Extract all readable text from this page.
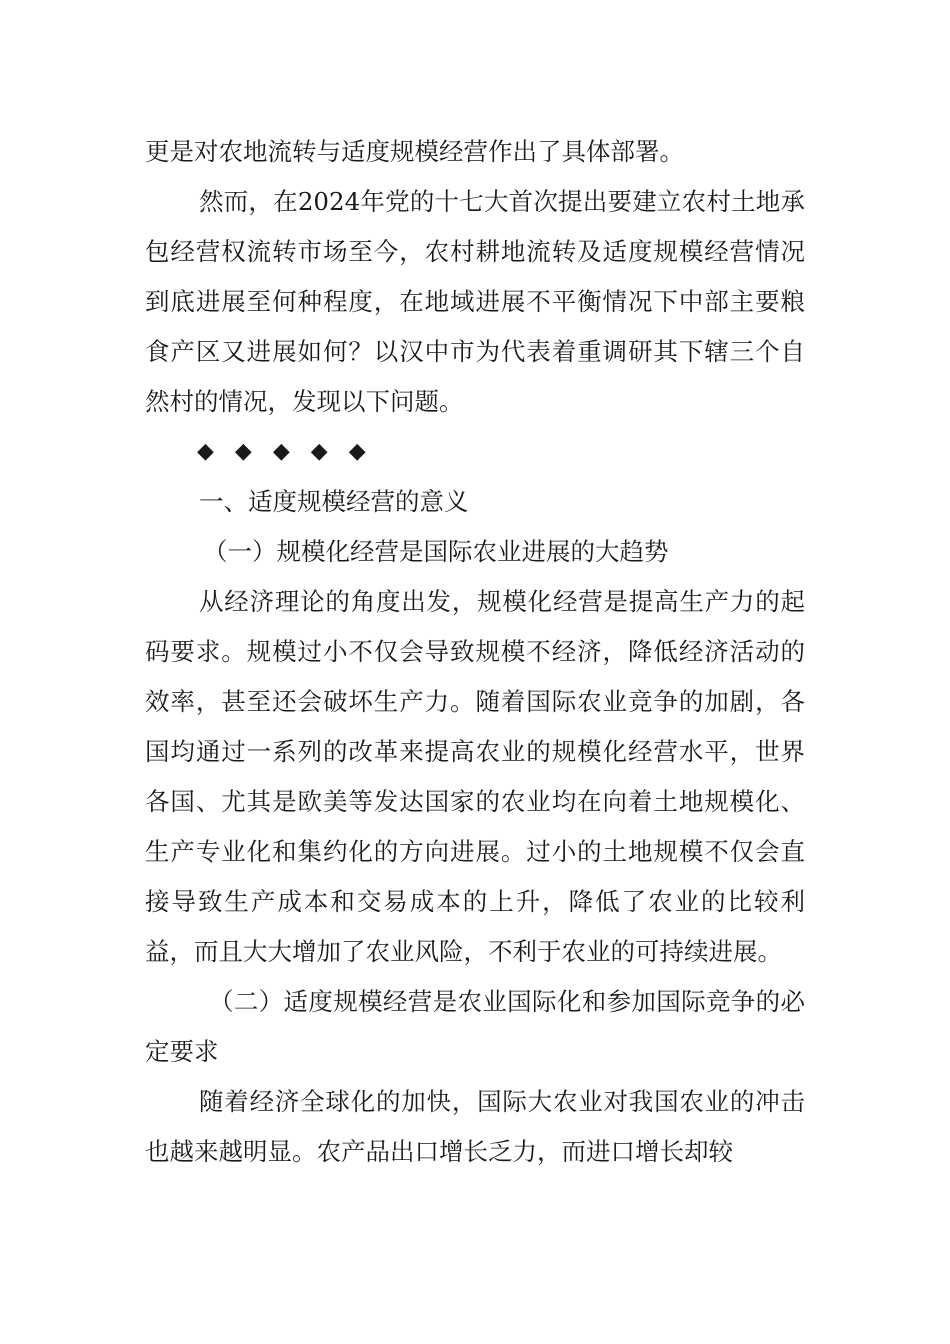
更是对农地流转与适度规模经营作出了具体部署。

然而，在2024年党的十七大首次提出要建立农村土地承包经营权流转市场至今，农村耕地流转及适度规模经营情况到底进展至何种程度，在地域进展不平衡情况下中部主要粮食产区又进展如何？以汉中市为代表着重调研其下辖三个自然村的情况，发现以下问题。

◆ ◆ ◆ ◆ ◆

一、适度规模经营的意义

（一）规模化经营是国际农业进展的大趋势

从经济理论的角度出发，规模化经营是提高生产力的起码要求。规模过小不仅会导致规模不经济，降低经济活动的效率，甚至还会破坏生产力。随着国际农业竞争的加剧，各国均通过一系列的改革来提高农业的规模化经营水平，世界各国、尤其是欧美等发达国家的农业均在向着土地规模化、生产专业化和集约化的方向进展。过小的土地规模不仅会直接导致生产成本和交易成本的上升，降低了农业的比较利益，而且大大增加了农业风险，不利于农业的可持续进展。

（二）适度规模经营是农业国际化和参加国际竞争的必定要求

随着经济全球化的加快，国际大农业对我国农业的冲击也越来越明显。农产品出口增长乏力，而进口增长却较
